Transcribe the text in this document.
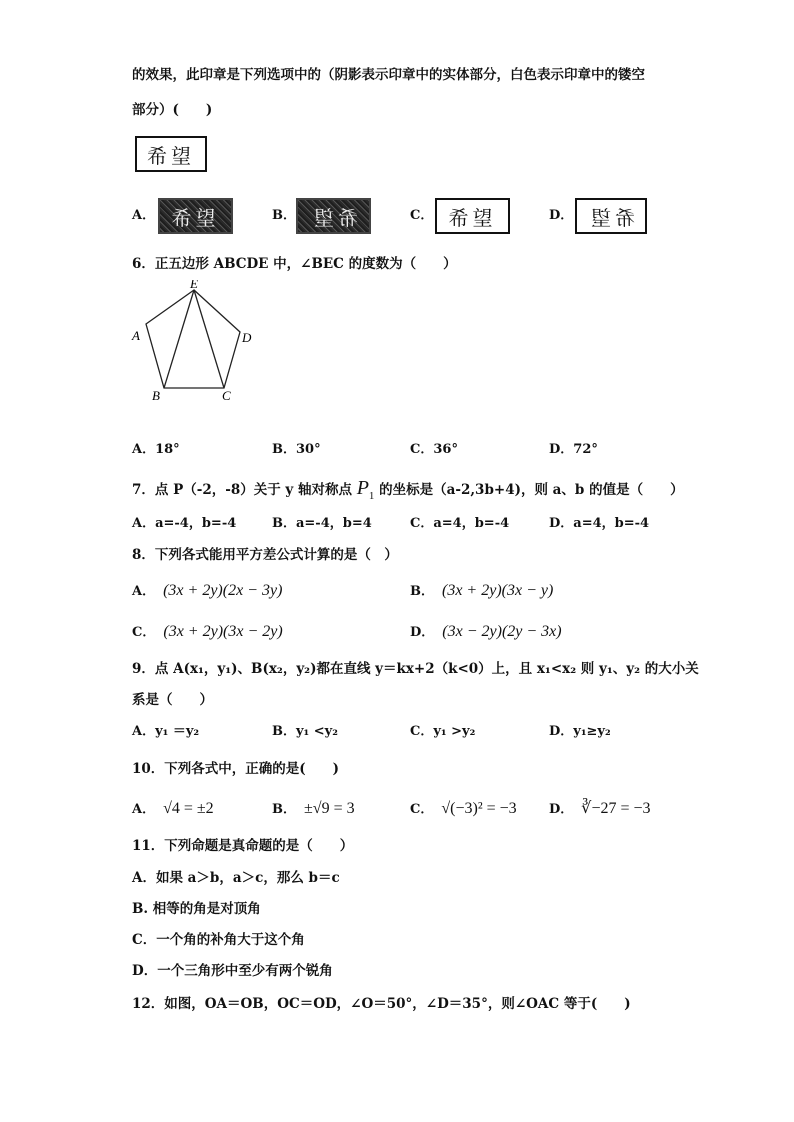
的效果，此印章是下列选项中的（阴影表示印章中的实体部分，白色表示印章中的镂空
部分）(　　)
希望
A． 希望	B． 希望	C． 希望	D． 希望
6．正五边形 ABCDE 中，∠BEC 的度数为（　　）
E
A	D
B	C
A．18°	B．30°	C．36°	D．72°
7．点 P（-2，-8）关于 y 轴对称点 $P_1$ 的坐标是（a-2,3b+4)，则 a、b 的值是（　　）
A．a=-4，b=-4	B．a=-4，b=4	C．a=4，b=-4	D．a=4，b=-4
8．下列各式能用平方差公式计算的是（　）
A． (3x + 2y)(2x − 3y)	B． (3x + 2y)(3x − y)
C． (3x + 2y)(3x − 2y)	D． (3x − 2y)(2y − 3x)
9．点 A(x₁，y₁)、B(x₂，y₂)都在直线 y＝kx+2（k<0）上，且 x₁<x₂ 则 y₁、y₂ 的大小关
系是（　　）
A．y₁ ＝y₂	B．y₁ <y₂	C．y₁ >y₂	D．y₁≥y₂
10．下列各式中，正确的是(　　)
A． √4 = ±2	B． ±√9 = 3	C． √(−3)² = −3 D． ∛−27 = −3
11．下列命题是真命题的是（　　）
A．如果 a＞b，a＞c，那么 b＝c
B. 相等的角是对顶角
C．一个角的补角大于这个角
D．一个三角形中至少有两个锐角
12．如图，OA＝OB，OC＝OD，∠O＝50°，∠D＝35°，则∠OAC 等于(　　)
